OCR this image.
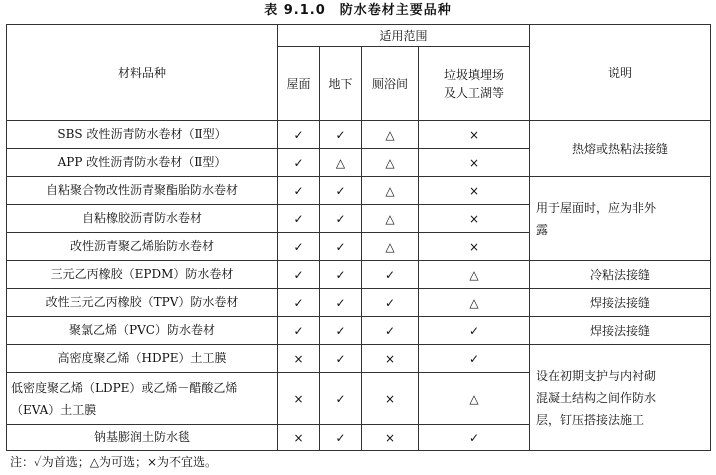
表 9.1.0　防水卷材主要品种
材料品种	适用范围				说明
	屋面	地下	厕浴间	垃圾填埋场
及人工湖等	
SBS 改性沥青防水卷材（Ⅱ型）	✓	✓	△	×	热熔或热粘法接缝
APP 改性沥青防水卷材（Ⅱ型）	✓	△	△	×	
自粘聚合物改性沥青聚酯胎防水卷材	✓	✓	△	×	用于屋面时，应为非外
露
自粘橡胶沥青防水卷材	✓	✓	△	×	
改性沥青聚乙烯胎防水卷材	✓	✓	△	×	
三元乙丙橡胶（EPDM）防水卷材	✓	✓	✓	△	冷粘法接缝
改性三元乙丙橡胶（TPV）防水卷材	✓	✓	✓	△	焊接法接缝
聚氯乙烯（PVC）防水卷材	✓	✓	✓	✓	焊接法接缝
高密度聚乙烯（HDPE）土工膜	×	✓	×	✓	设在初期支护与内衬砌
混凝土结构之间作防水
层，钉压搭接法施工
低密度聚乙烯（LDPE）或乙烯－醋酸乙烯
（EVA）土工膜	×	✓	×	△	
钠基膨润土防水毯	×	✓	×	✓	
注：✓为首选；△为可选；×为不宜选。
